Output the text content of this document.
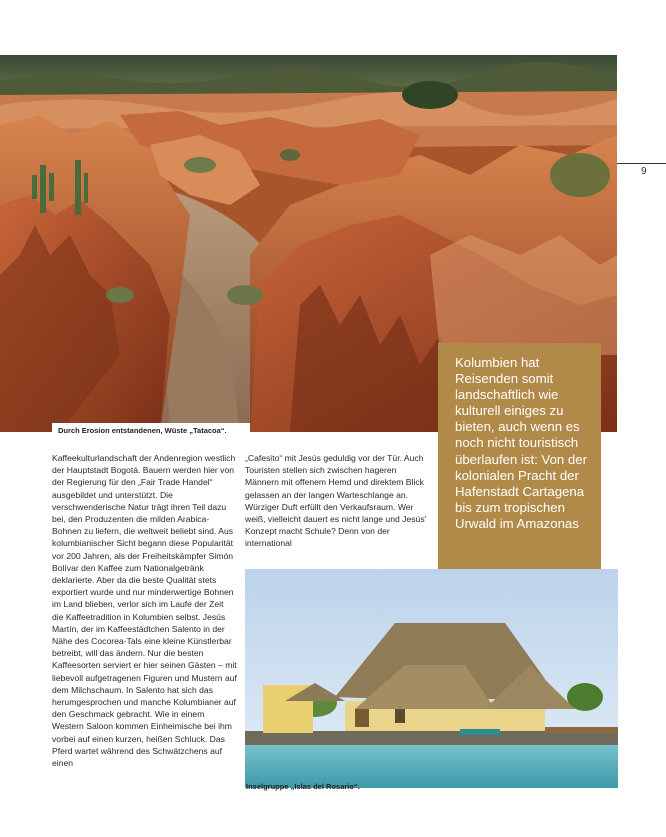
Durch Erosion entstandenen, Wüste „Tatacoa“.
9

Kolumbien hat Reisenden somit landschaftlich wie kulturell einiges zu bieten, auch wenn es noch nicht touristisch überlaufen ist: Von der kolonialen Pracht der Hafenstadt Cartagena bis zum tropischen Urwald im Amazonas

Kaffeekulturlandschaft der Andenregion westlich der Hauptstadt Bogotá. Bauern werden hier von der Regierung für den „Fair Trade Handel“ ausgebildet und unterstützt. Die verschwenderische Natur trägt ihren Teil dazu bei, den Produzenten die milden Arabica-Bohnen zu liefern, die weltweit beliebt sind. Aus kolumbianischer Sicht begann diese Popularität vor 200 Jahren, als der Freiheitskämpfer Simón Bolívar den Kaffee zum Nationalgetränk deklarierte. Aber da die beste Qualität stets exportiert wurde und nur minderwertige Bohnen im Land blieben, verlor sich im Laufe der Zeit die Kaffeetradition in Kolumbien selbst. Jesús Martín, der im Kaffeestädtchen Salento in der Nähe des Cocorea-Tals eine kleine Künstlerbar betreibt, will das ändern. Nur die besten Kaffeesorten serviert er hier seinen Gästen – mit liebevoll aufgetragenen Figuren und Mustern auf dem Milchschaum. In Salento hat sich das herumgesprochen und manche Kolumbianer auf den Geschmack gebracht. Wie in einem Western Saloon kommen Einheimische bei ihm vorbei auf einen kurzen, heißen Schluck. Das Pferd wartet während des Schwätzchens auf einen

„Cafesito“ mit Jesús geduldig vor der Tür. Auch Touristen stellen sich zwischen hageren Männern mit offenem Hemd und direktem Blick gelassen an der langen Warteschlange an. Würziger Duft erfüllt den Verkaufsraum. Wer weiß, vielleicht dauert es nicht lange und Jesús' Konzept macht Schule? Denn von der international

Inselgruppe „Islas del Rosario“.
